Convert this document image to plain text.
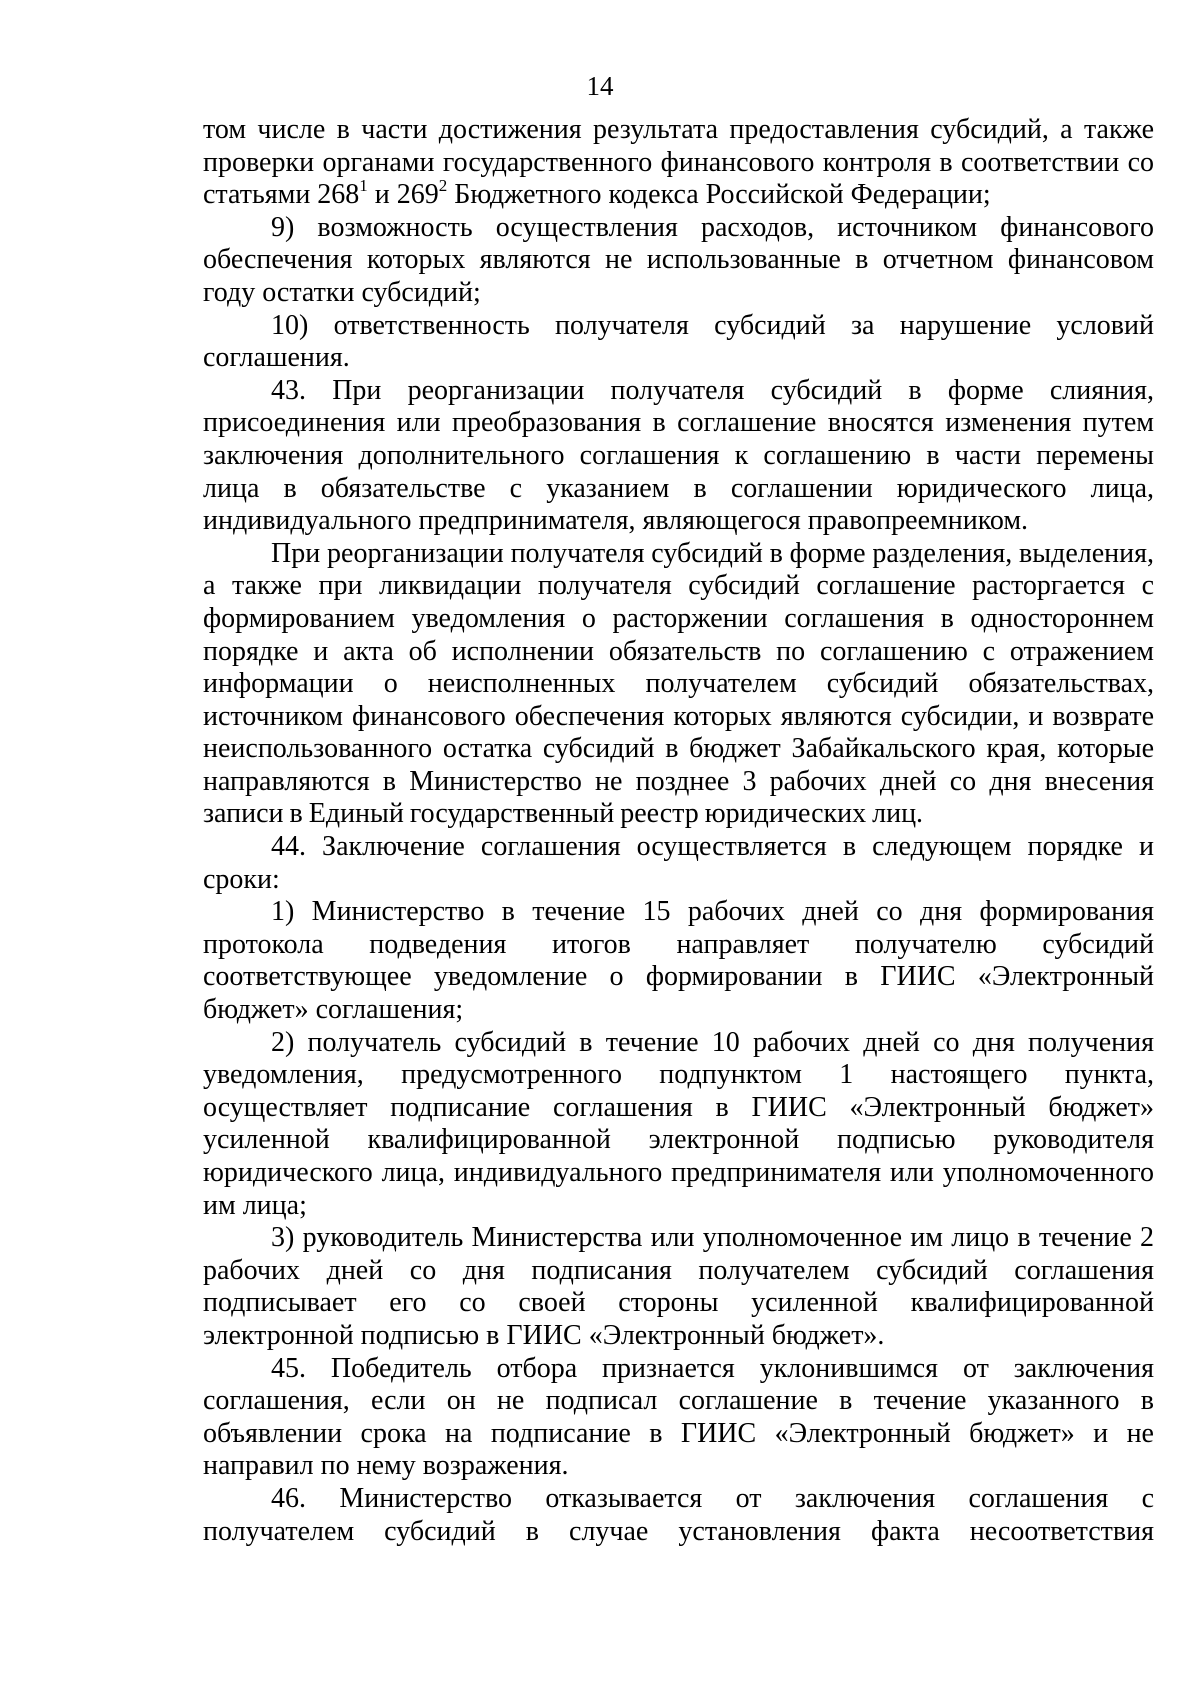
14

том числе в части достижения результата предоставления субсидий, а также проверки органами государственного финансового контроля в соответствии со статьями $268^1$ и $269^2$ Бюджетного кодекса Российской Федерации;

9) возможность осуществления расходов, источником финансового обеспечения которых являются не использованные в отчетном финансовом году остатки субсидий;

10) ответственность получателя субсидий за нарушение условий соглашения.

43. При реорганизации получателя субсидий в форме слияния, присоединения или преобразования в соглашение вносятся изменения путем заключения дополнительного соглашения к соглашению в части перемены лица в обязательстве с указанием в соглашении юридического лица, индивидуального предпринимателя, являющегося правопреемником.

При реорганизации получателя субсидий в форме разделения, выделения, а также при ликвидации получателя субсидий соглашение расторгается с формированием уведомления о расторжении соглашения в одностороннем порядке и акта об исполнении обязательств по соглашению с отражением информации о неисполненных получателем субсидий обязательствах, источником финансового обеспечения которых являются субсидии, и возврате неиспользованного остатка субсидий в бюджет Забайкальского края, которые направляются в Министерство не позднее 3 рабочих дней со дня внесения записи в Единый государственный реестр юридических лиц.

44. Заключение соглашения осуществляется в следующем порядке и сроки:

1) Министерство в течение 15 рабочих дней со дня формирования протокола подведения итогов направляет получателю субсидий соответствующее уведомление о формировании в ГИИС «Электронный бюджет» соглашения;

2) получатель субсидий в течение 10 рабочих дней со дня получения уведомления, предусмотренного подпунктом 1 настоящего пункта, осуществляет подписание соглашения в ГИИС «Электронный бюджет» усиленной квалифицированной электронной подписью руководителя юридического лица, индивидуального предпринимателя или уполномоченного им лица;

3) руководитель Министерства или уполномоченное им лицо в течение 2 рабочих дней со дня подписания получателем субсидий соглашения подписывает его со своей стороны усиленной квалифицированной электронной подписью в ГИИС «Электронный бюджет».

45. Победитель отбора признается уклонившимся от заключения соглашения, если он не подписал соглашение в течение указанного в объявлении срока на подписание в ГИИС «Электронный бюджет» и не направил по нему возражения.

46. Министерство отказывается от заключения соглашения с получателем субсидий в случае установления факта несоответствия
